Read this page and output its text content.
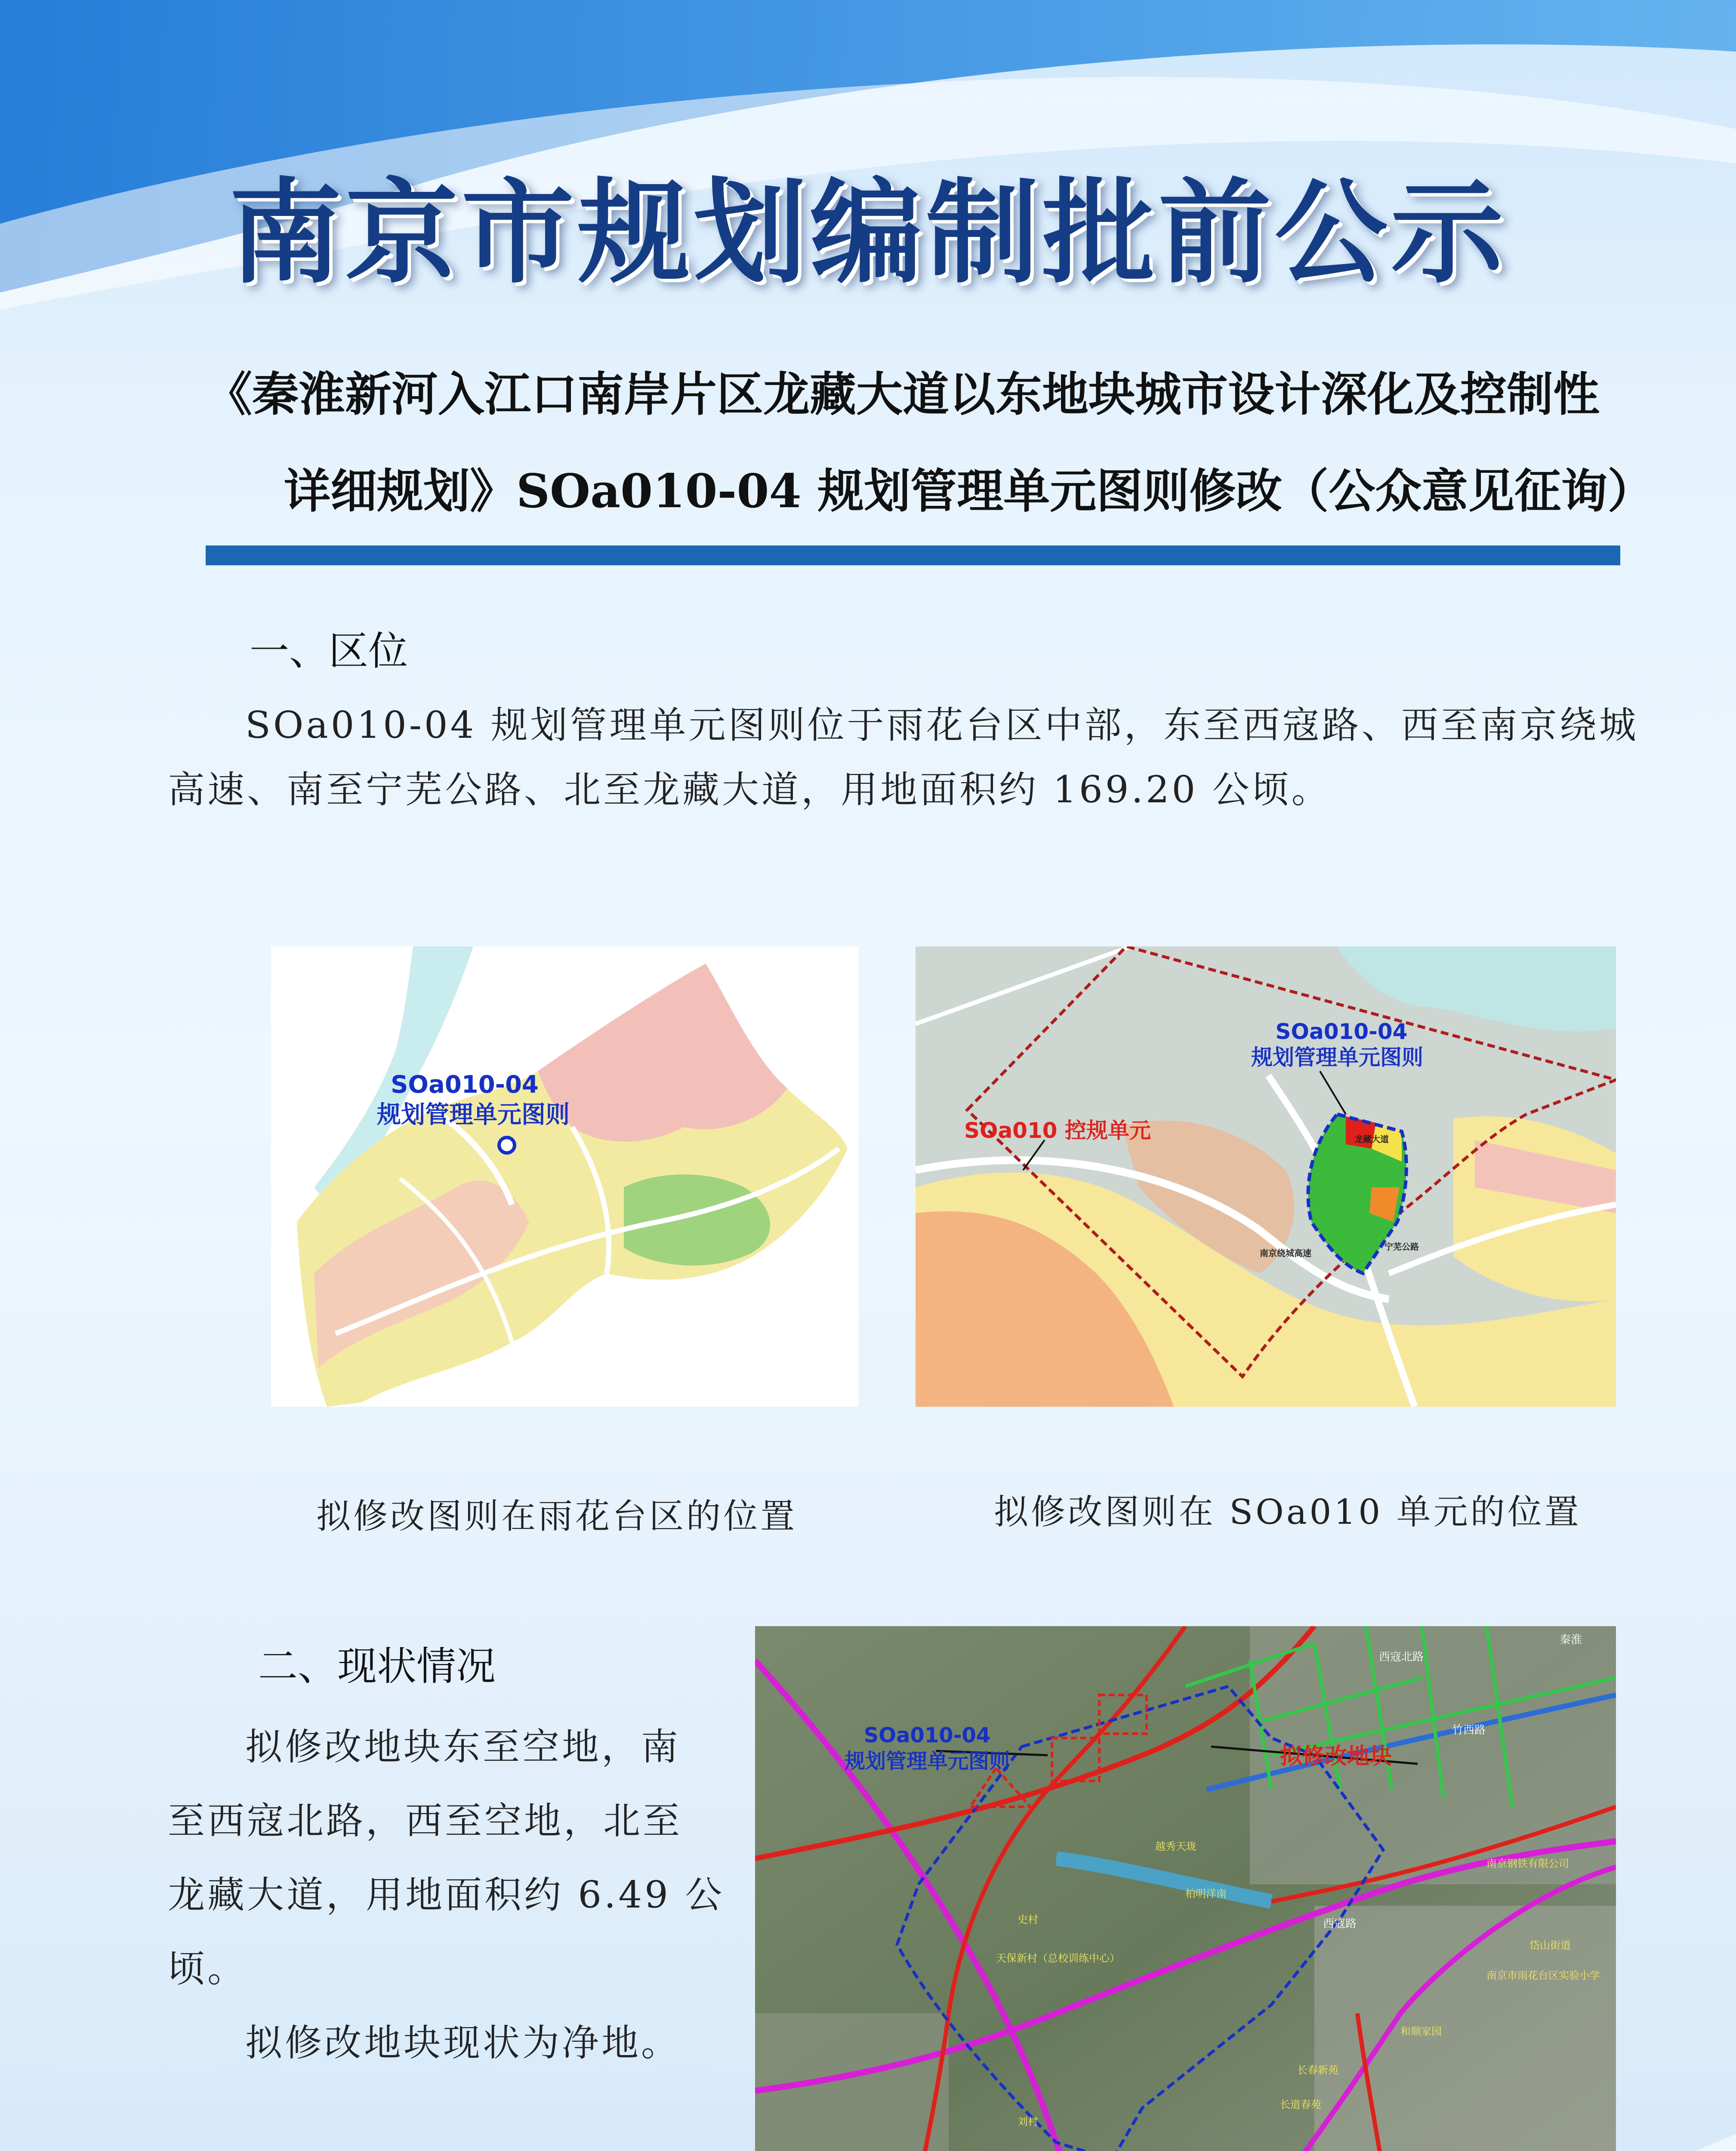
南京市规划编制批前公示
《秦淮新河入江口南岸片区龙藏大道以东地块城市设计深化及控制性
详细规划》SOa010-04 规划管理单元图则修改（公众意见征询）
一、区位
SOa010-04 规划管理单元图则位于雨花台区中部，东至西寇路、西至南京绕城
高速、南至宁芜公路、北至龙藏大道，用地面积约 169.20 公顷。
SOa010-04
规划管理单元图则
拟修改图则在雨花台区的位置
SOa010-04
规划管理单元图则
SOa010 控规单元	龙藏大道
宁芜公路
南京绕城高速
拟修改图则在 SOa010 单元的位置
二、现状情况
拟修改地块东至空地，南
至西寇北路，西至空地，北至
龙藏大道，用地面积约 6.49 公
顷。
拟修改地块现状为净地。
SOa010-04
规划管理单元图则	拟修改地块
越秀天珑
柏明洋南
史村
天保新村（总校训练中心）
刘村
南京钢铁有限公司
岱山街道
南京市雨花台区实验小学
和顺家园
长道春苑
长春新苑
西寇北路
竹西路
西寇路
秦淮
